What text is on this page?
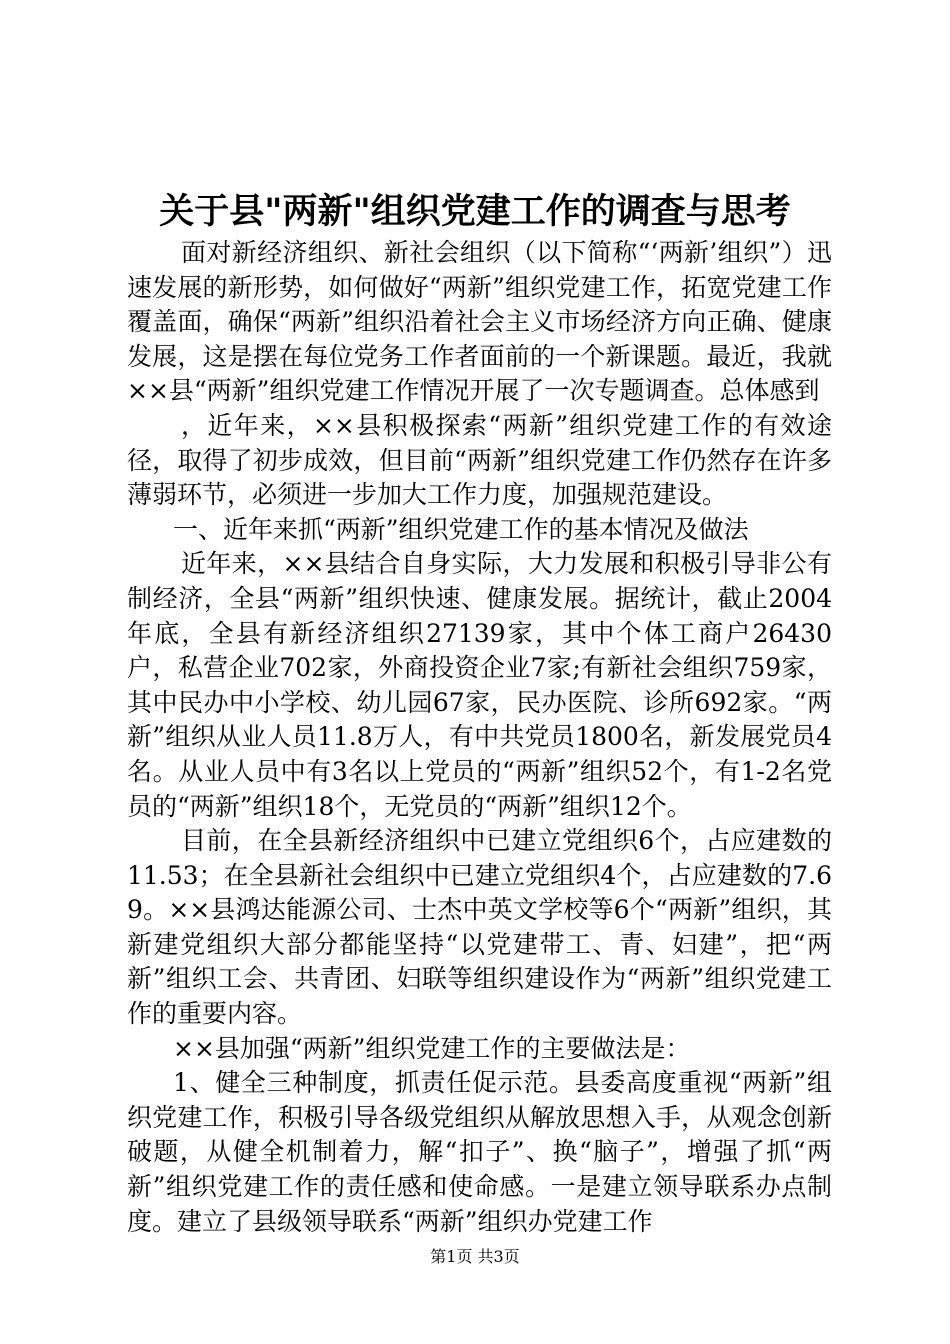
关于县"两新"组织党建工作的调查与思考

面对新经济组织、新社会组织（以下简称“‘两新’组织”）迅速发展的新形势，如何做好“两新”组织党建工作，拓宽党建工作覆盖面，确保“两新”组织沿着社会主义市场经济方向正确、健康发展，这是摆在每位党务工作者面前的一个新课题。最近，我就××县“两新”组织党建工作情况开展了一次专题调查。总体感到

，近年来，××县积极探索“两新”组织党建工作的有效途径，取得了初步成效，但目前“两新”组织党建工作仍然存在许多薄弱环节，必须进一步加大工作力度，加强规范建设。

一、近年来抓“两新”组织党建工作的基本情况及做法

近年来，××县结合自身实际，大力发展和积极引导非公有制经济，全县“两新”组织快速、健康发展。据统计，截止2004年底，全县有新经济组织27139家，其中个体工商户26430户，私营企业702家，外商投资企业7家;有新社会组织759家，其中民办中小学校、幼儿园67家，民办医院、诊所692家。“两新”组织从业人员11.8万人，有中共党员1800名，新发展党员4名。从业人员中有3名以上党员的“两新”组织52个，有1-2名党员的“两新”组织18个，无党员的“两新”组织12个。

目前，在全县新经济组织中已建立党组织6个，占应建数的11.53；在全县新社会组织中已建立党组织4个，占应建数的7.69。××县鸿达能源公司、士杰中英文学校等6个“两新”组织，其新建党组织大部分都能坚持“以党建带工、青、妇建”，把“两新”组织工会、共青团、妇联等组织建设作为“两新”组织党建工作的重要内容。

××县加强“两新”组织党建工作的主要做法是：

1、健全三种制度，抓责任促示范。县委高度重视“两新”组织党建工作，积极引导各级党组织从解放思想入手，从观念创新破题，从健全机制着力，解“扣子”、换“脑子”，增强了抓“两新”组织党建工作的责任感和使命感。一是建立领导联系办点制度。建立了县级领导联系“两新”组织办党建工作

第1页 共3页
